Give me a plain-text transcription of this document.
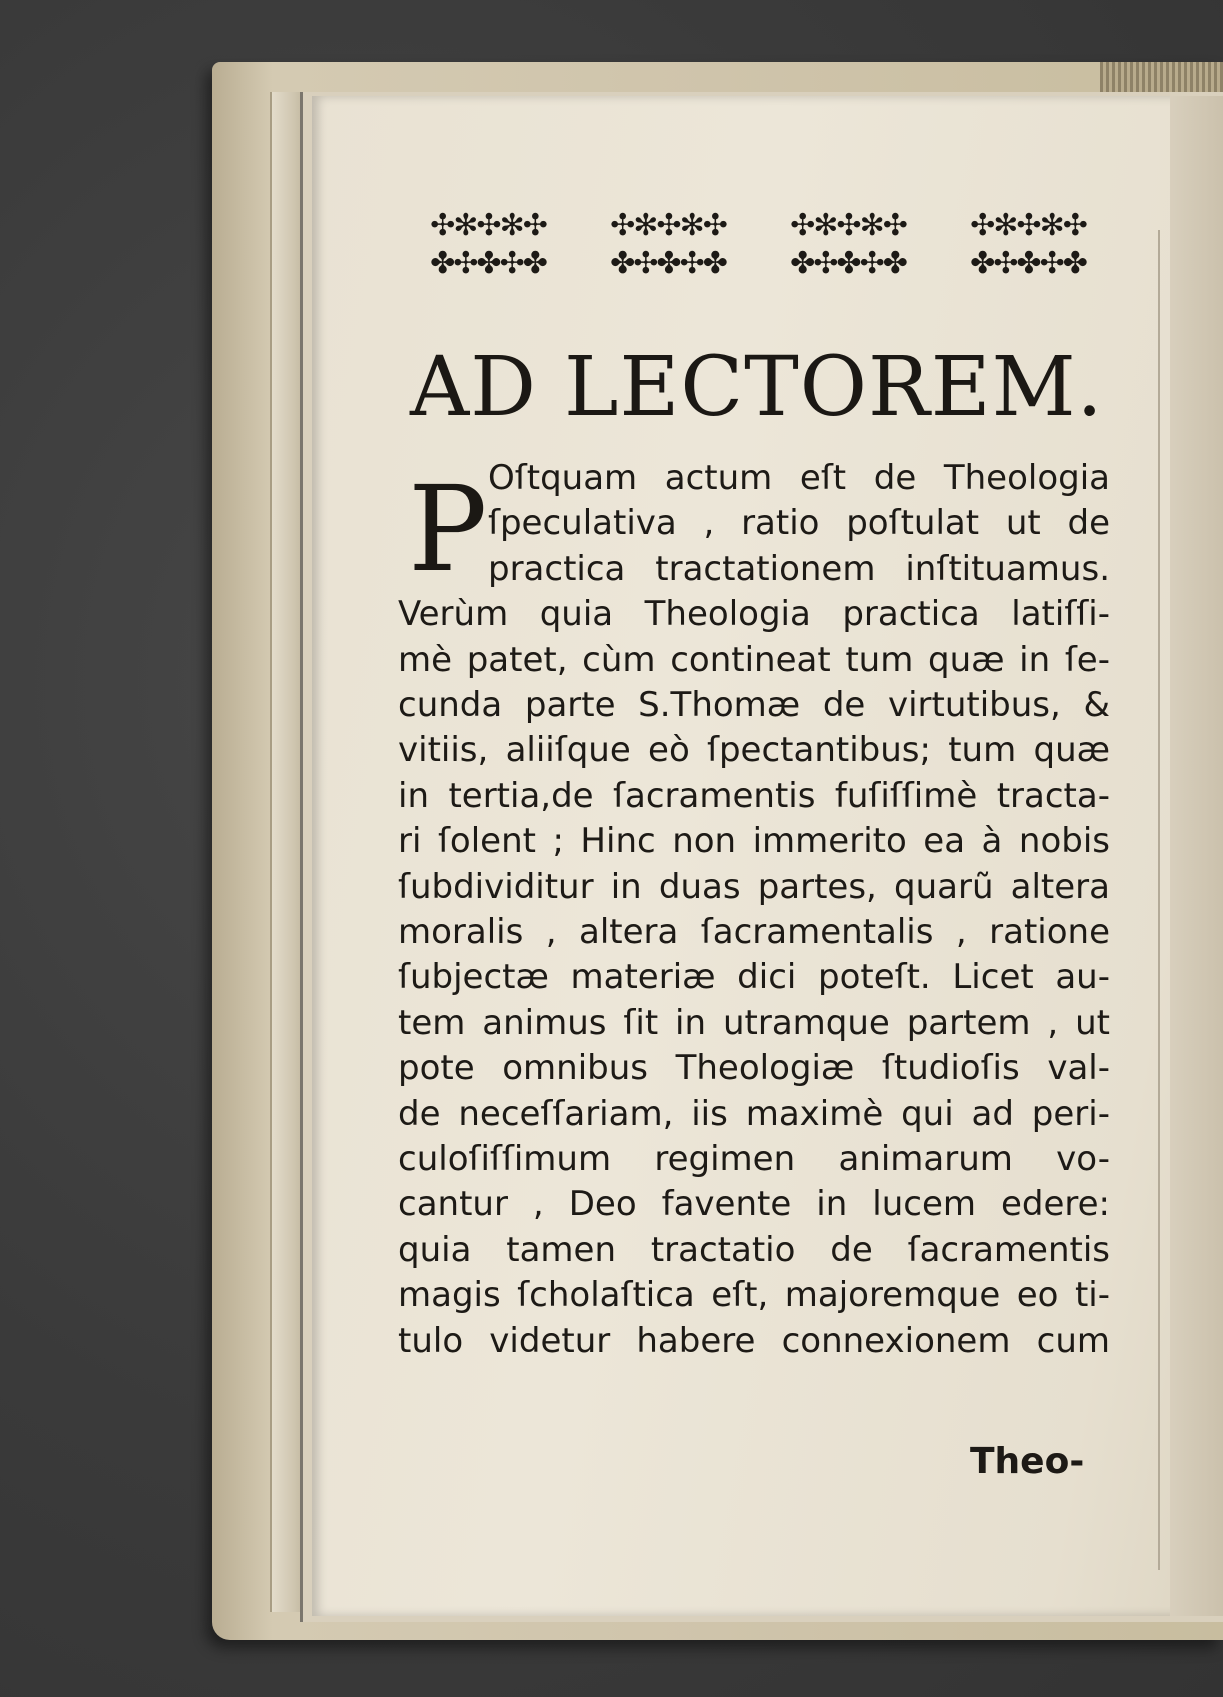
✣✻✣✻✣
✤✣✤✣✤
✣✻✣✻✣
✤✣✤✣✤
✣✻✣✻✣
✤✣✤✣✤
✣✻✣✻✣
✤✣✤✣✤
AD LECTOREM.
P Oſtquam actum eſt de Theologia
ſpeculativa , ratio poſtulat ut de
practica tractationem inſtituamus.
Verùm quia Theologia practica latiſſi-
mè patet, cùm contineat tum quæ in ſe-
cunda parte S.Thomæ de virtutibus, &
vitiis, aliiſque eò ſpectantibus; tum quæ
in tertia,de ſacramentis fuſiſſimè tracta-
ri ſolent ; Hinc non immerito ea à nobis
ſubdividitur in duas partes, quarũ altera
moralis , altera ſacramentalis , ratione
ſubjectæ materiæ dici poteſt. Licet au-
tem animus ſit in utramque partem , ut
pote omnibus Theologiæ ſtudioſis val-
de neceſſariam, iis maximè qui ad peri-
culoſiſſimum regimen animarum vo-
cantur , Deo favente in lucem edere:
quia tamen tractatio de ſacramentis
magis ſcholaſtica eſt, majoremque eo ti-
tulo videtur habere connexionem cum
Theo-
